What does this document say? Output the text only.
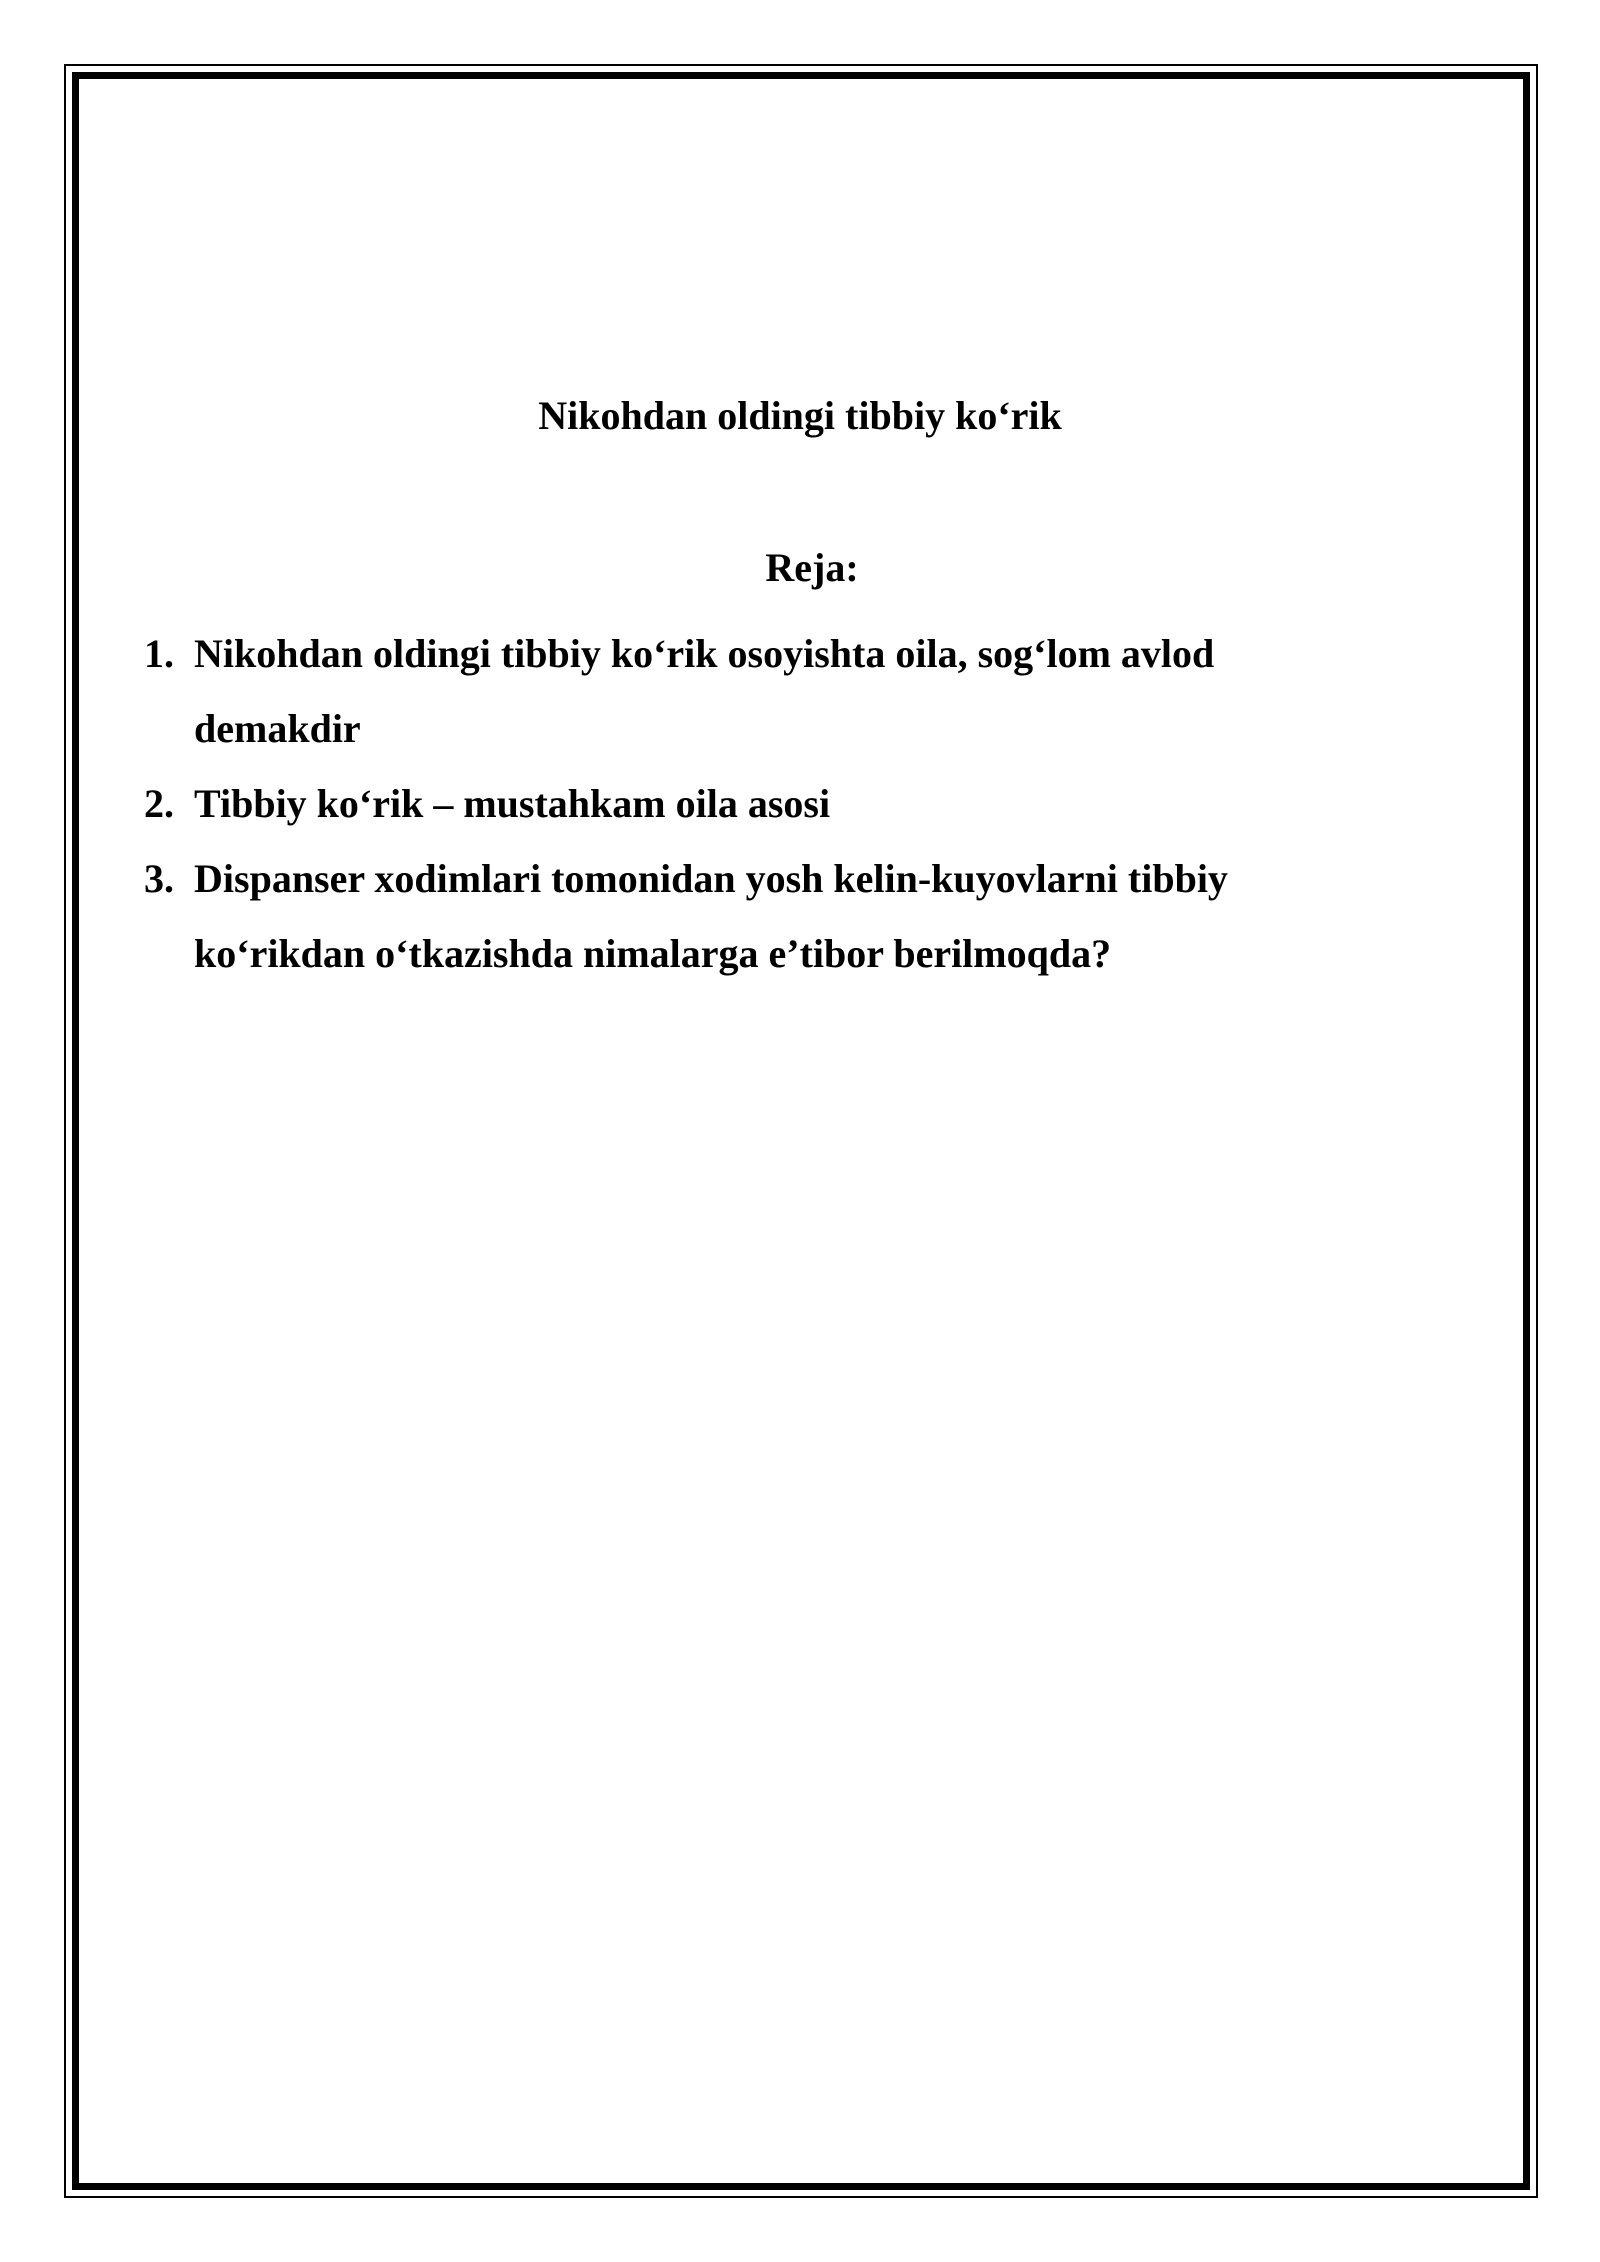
Nikohdan oldingi tibbiy ko‘rik
Reja:
1. Nikohdan oldingi tibbiy ko‘rik osoyishta oila, sog‘lom avlod demakdir
2. Tibbiy ko‘rik – mustahkam oila asosi
3. Dispanser xodimlari tomonidan yosh kelin-kuyovlarni tibbiy ko‘rikdan o‘tkazishda nimalarga e’tibor berilmoqda?
